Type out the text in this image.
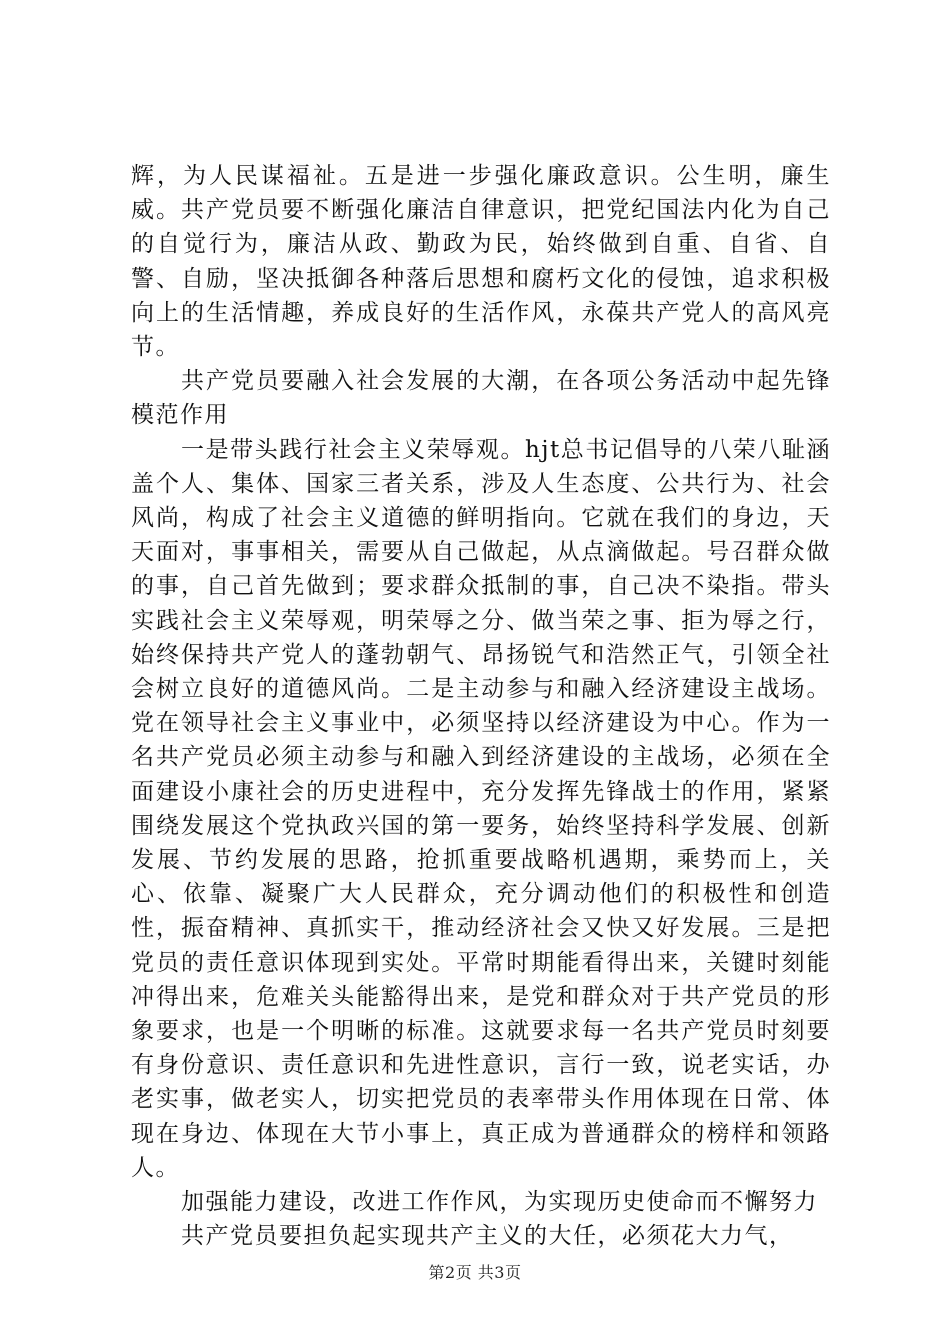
辉，为人民谋福祉。五是进一步强化廉政意识。公生明，廉生威。共产党员要不断强化廉洁自律意识，把党纪国法内化为自己的自觉行为，廉洁从政、勤政为民，始终做到自重、自省、自警、自励，坚决抵御各种落后思想和腐朽文化的侵蚀，追求积极向上的生活情趣，养成良好的生活作风，永葆共产党人的高风亮节。

共产党员要融入社会发展的大潮，在各项公务活动中起先锋模范作用

一是带头践行社会主义荣辱观。hjt总书记倡导的八荣八耻涵盖个人、集体、国家三者关系，涉及人生态度、公共行为、社会风尚，构成了社会主义道德的鲜明指向。它就在我们的身边，天天面对，事事相关，需要从自己做起，从点滴做起。号召群众做的事，自己首先做到；要求群众抵制的事，自己决不染指。带头实践社会主义荣辱观，明荣辱之分、做当荣之事、拒为辱之行，始终保持共产党人的蓬勃朝气、昂扬锐气和浩然正气，引领全社会树立良好的道德风尚。二是主动参与和融入经济建设主战场。党在领导社会主义事业中，必须坚持以经济建设为中心。作为一名共产党员必须主动参与和融入到经济建设的主战场，必须在全面建设小康社会的历史进程中，充分发挥先锋战士的作用，紧紧围绕发展这个党执政兴国的第一要务，始终坚持科学发展、创新发展、节约发展的思路，抢抓重要战略机遇期，乘势而上，关心、依靠、凝聚广大人民群众，充分调动他们的积极性和创造性，振奋精神、真抓实干，推动经济社会又快又好发展。三是把党员的责任意识体现到实处。平常时期能看得出来，关键时刻能冲得出来，危难关头能豁得出来，是党和群众对于共产党员的形象要求，也是一个明晰的标准。这就要求每一名共产党员时刻要有身份意识、责任意识和先进性意识，言行一致，说老实话，办老实事，做老实人，切实把党员的表率带头作用体现在日常、体现在身边、体现在大节小事上，真正成为普通群众的榜样和领路人。

加强能力建设，改进工作作风，为实现历史使命而不懈努力

共产党员要担负起实现共产主义的大任，必须花大力气，

第2页 共3页
